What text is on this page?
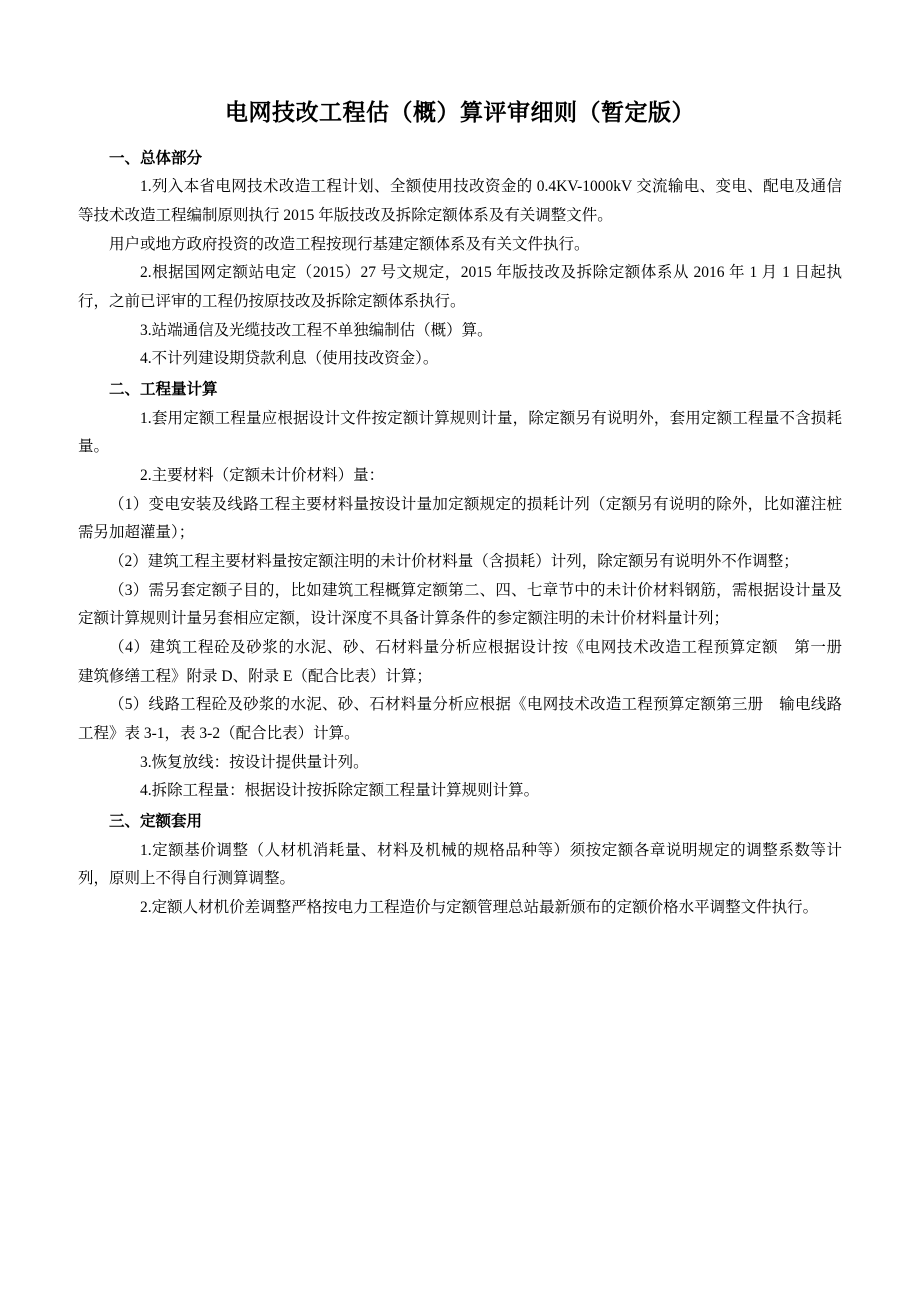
电网技改工程估（概）算评审细则（暂定版）
一、总体部分

1.列入本省电网技术改造工程计划、全额使用技改资金的 0.4KV-1000kV 交流输电、变电、配电及通信等技术改造工程编制原则执行 2015 年版技改及拆除定额体系及有关调整文件。

用户或地方政府投资的改造工程按现行基建定额体系及有关文件执行。

2.根据国网定额站电定（2015）27 号文规定，2015 年版技改及拆除定额体系从 2016 年 1 月 1 日起执行，之前已评审的工程仍按原技改及拆除定额体系执行。

3.站端通信及光缆技改工程不单独编制估（概）算。

4.不计列建设期贷款利息（使用技改资金）。

二、工程量计算

1.套用定额工程量应根据设计文件按定额计算规则计量，除定额另有说明外，套用定额工程量不含损耗量。

2.主要材料（定额未计价材料）量：

（1）变电安装及线路工程主要材料量按设计量加定额规定的损耗计列（定额另有说明的除外，比如灌注桩需另加超灌量）；

（2）建筑工程主要材料量按定额注明的未计价材料量（含损耗）计列，除定额另有说明外不作调整；

（3）需另套定额子目的，比如建筑工程概算定额第二、四、七章节中的未计价材料钢筋，需根据设计量及定额计算规则计量另套相应定额，设计深度不具备计算条件的参定额注明的未计价材料量计列；

（4）建筑工程砼及砂浆的水泥、砂、石材料量分析应根据设计按《电网技术改造工程预算定额　第一册　建筑修缮工程》附录 D、附录 E（配合比表）计算；

（5）线路工程砼及砂浆的水泥、砂、石材料量分析应根据《电网技术改造工程预算定额第三册　输电线路工程》表 3-1，表 3-2（配合比表）计算。

3.恢复放线：按设计提供量计列。

4.拆除工程量：根据设计按拆除定额工程量计算规则计算。

三、定额套用

1.定额基价调整（人材机消耗量、材料及机械的规格品种等）须按定额各章说明规定的调整系数等计列，原则上不得自行测算调整。

2.定额人材机价差调整严格按电力工程造价与定额管理总站最新颁布的定额价格水平调整文件执行。
